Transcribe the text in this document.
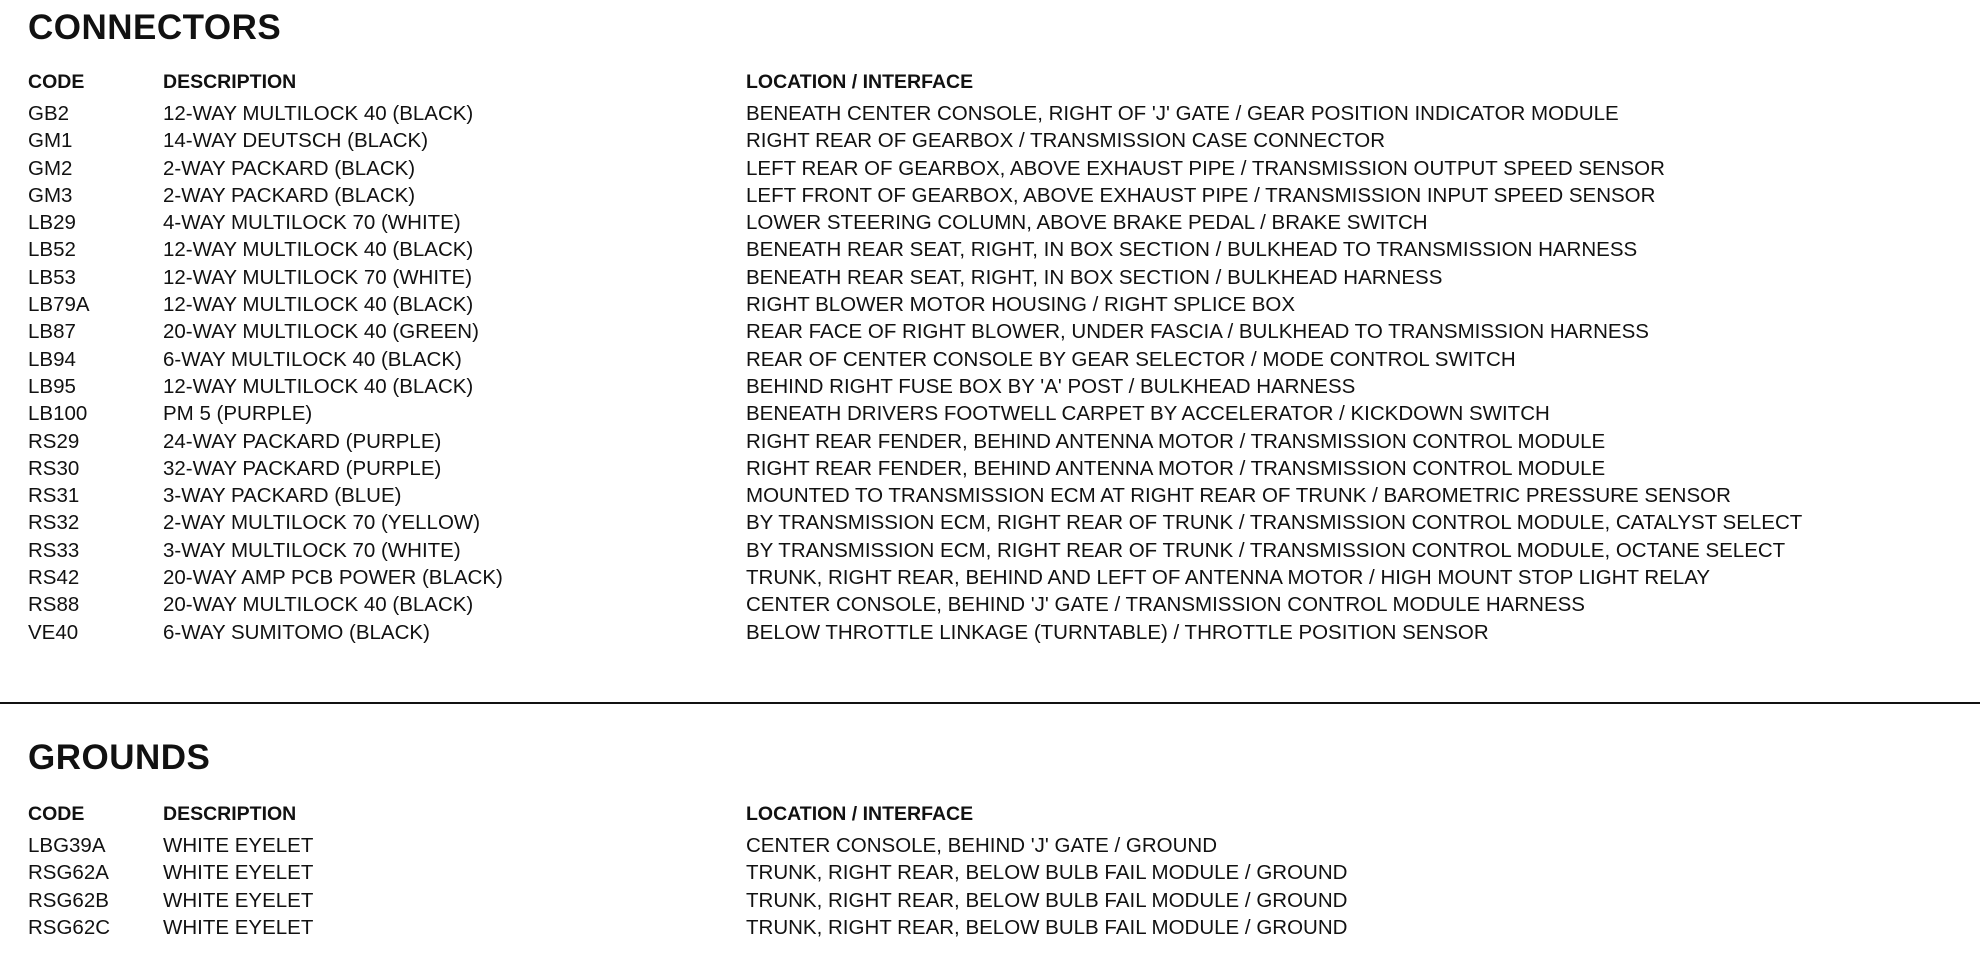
CONNECTORS
CODE	DESCRIPTION	LOCATION / INTERFACE
GB2	12-WAY MULTILOCK 40 (BLACK)	BENEATH CENTER CONSOLE, RIGHT OF 'J' GATE / GEAR POSITION INDICATOR MODULE
GM1	14-WAY DEUTSCH (BLACK)	RIGHT REAR OF GEARBOX / TRANSMISSION CASE CONNECTOR
GM2	2-WAY PACKARD (BLACK)	LEFT REAR OF GEARBOX, ABOVE EXHAUST PIPE / TRANSMISSION OUTPUT SPEED SENSOR
GM3	2-WAY PACKARD (BLACK)	LEFT FRONT OF GEARBOX, ABOVE EXHAUST PIPE / TRANSMISSION INPUT SPEED SENSOR
LB29	4-WAY MULTILOCK 70 (WHITE)	LOWER STEERING COLUMN, ABOVE BRAKE PEDAL / BRAKE SWITCH
LB52	12-WAY MULTILOCK 40 (BLACK)	BENEATH REAR SEAT, RIGHT, IN BOX SECTION / BULKHEAD TO TRANSMISSION HARNESS
LB53	12-WAY MULTILOCK 70 (WHITE)	BENEATH REAR SEAT, RIGHT, IN BOX SECTION / BULKHEAD HARNESS
LB79A	12-WAY MULTILOCK 40 (BLACK)	RIGHT BLOWER MOTOR HOUSING / RIGHT SPLICE BOX
LB87	20-WAY MULTILOCK 40 (GREEN)	REAR FACE OF RIGHT BLOWER, UNDER FASCIA / BULKHEAD TO TRANSMISSION HARNESS
LB94	6-WAY MULTILOCK 40 (BLACK)	REAR OF CENTER CONSOLE BY GEAR SELECTOR / MODE CONTROL SWITCH
LB95	12-WAY MULTILOCK 40 (BLACK)	BEHIND RIGHT FUSE BOX BY 'A' POST / BULKHEAD HARNESS
LB100	PM 5 (PURPLE)	BENEATH DRIVERS FOOTWELL CARPET BY ACCELERATOR / KICKDOWN SWITCH
RS29	24-WAY PACKARD (PURPLE)	RIGHT REAR FENDER, BEHIND ANTENNA MOTOR / TRANSMISSION CONTROL MODULE
RS30	32-WAY PACKARD (PURPLE)	RIGHT REAR FENDER, BEHIND ANTENNA MOTOR / TRANSMISSION CONTROL MODULE
RS31	3-WAY PACKARD (BLUE)	MOUNTED TO TRANSMISSION ECM AT RIGHT REAR OF TRUNK / BAROMETRIC PRESSURE SENSOR
RS32	2-WAY MULTILOCK 70 (YELLOW)	BY TRANSMISSION ECM, RIGHT REAR OF TRUNK / TRANSMISSION CONTROL MODULE, CATALYST SELECT
RS33	3-WAY MULTILOCK 70 (WHITE)	BY TRANSMISSION ECM, RIGHT REAR OF TRUNK / TRANSMISSION CONTROL MODULE, OCTANE SELECT
RS42	20-WAY AMP PCB POWER (BLACK)	TRUNK, RIGHT REAR, BEHIND AND LEFT OF ANTENNA MOTOR / HIGH MOUNT STOP LIGHT RELAY
RS88	20-WAY MULTILOCK 40 (BLACK)	CENTER CONSOLE, BEHIND 'J' GATE / TRANSMISSION CONTROL MODULE HARNESS
VE40	6-WAY SUMITOMO (BLACK)	BELOW THROTTLE LINKAGE (TURNTABLE) / THROTTLE POSITION SENSOR
GROUNDS
CODE	DESCRIPTION	LOCATION / INTERFACE
LBG39A	WHITE EYELET	CENTER CONSOLE, BEHIND 'J' GATE / GROUND
RSG62A	WHITE EYELET	TRUNK, RIGHT REAR, BELOW BULB FAIL MODULE / GROUND
RSG62B	WHITE EYELET	TRUNK, RIGHT REAR, BELOW BULB FAIL MODULE / GROUND
RSG62C	WHITE EYELET	TRUNK, RIGHT REAR, BELOW BULB FAIL MODULE / GROUND
